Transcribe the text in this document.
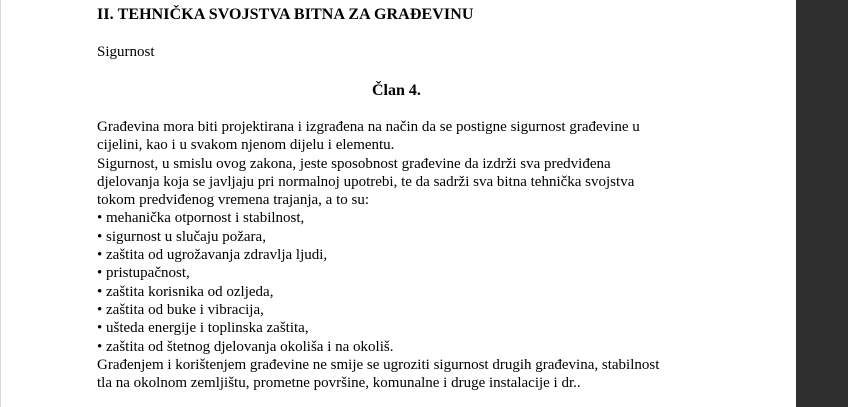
II. TEHNIČKA SVOJSTVA BITNA ZA GRAĐEVINU
Sigurnost
Član 4.
Građevina mora biti projektirana i izgrađena na način da se postigne sigurnost građevine u
cijelini, kao i u svakom njenom dijelu i elementu.
Sigurnost, u smislu ovog zakona, jeste sposobnost građevine da izdrži sva predviđena
djelovanja koja se javljaju pri normalnoj upotrebi, te da sadrži sva bitna tehnička svojstva
tokom predviđenog vremena trajanja, a to su:
• mehanička otpornost i stabilnost,
• sigurnost u slučaju požara,
• zaštita od ugrožavanja zdravlja ljudi,
• pristupačnost,
• zaštita korisnika od ozljeda,
• zaštita od buke i vibracija,
• ušteda energije i toplinska zaštita,
• zaštita od štetnog djelovanja okoliša i na okoliš.
Građenjem i korištenjem građevine ne smije se ugroziti sigurnost drugih građevina, stabilnost
tla na okolnom zemljištu, prometne površine, komunalne i druge instalacije i dr..
